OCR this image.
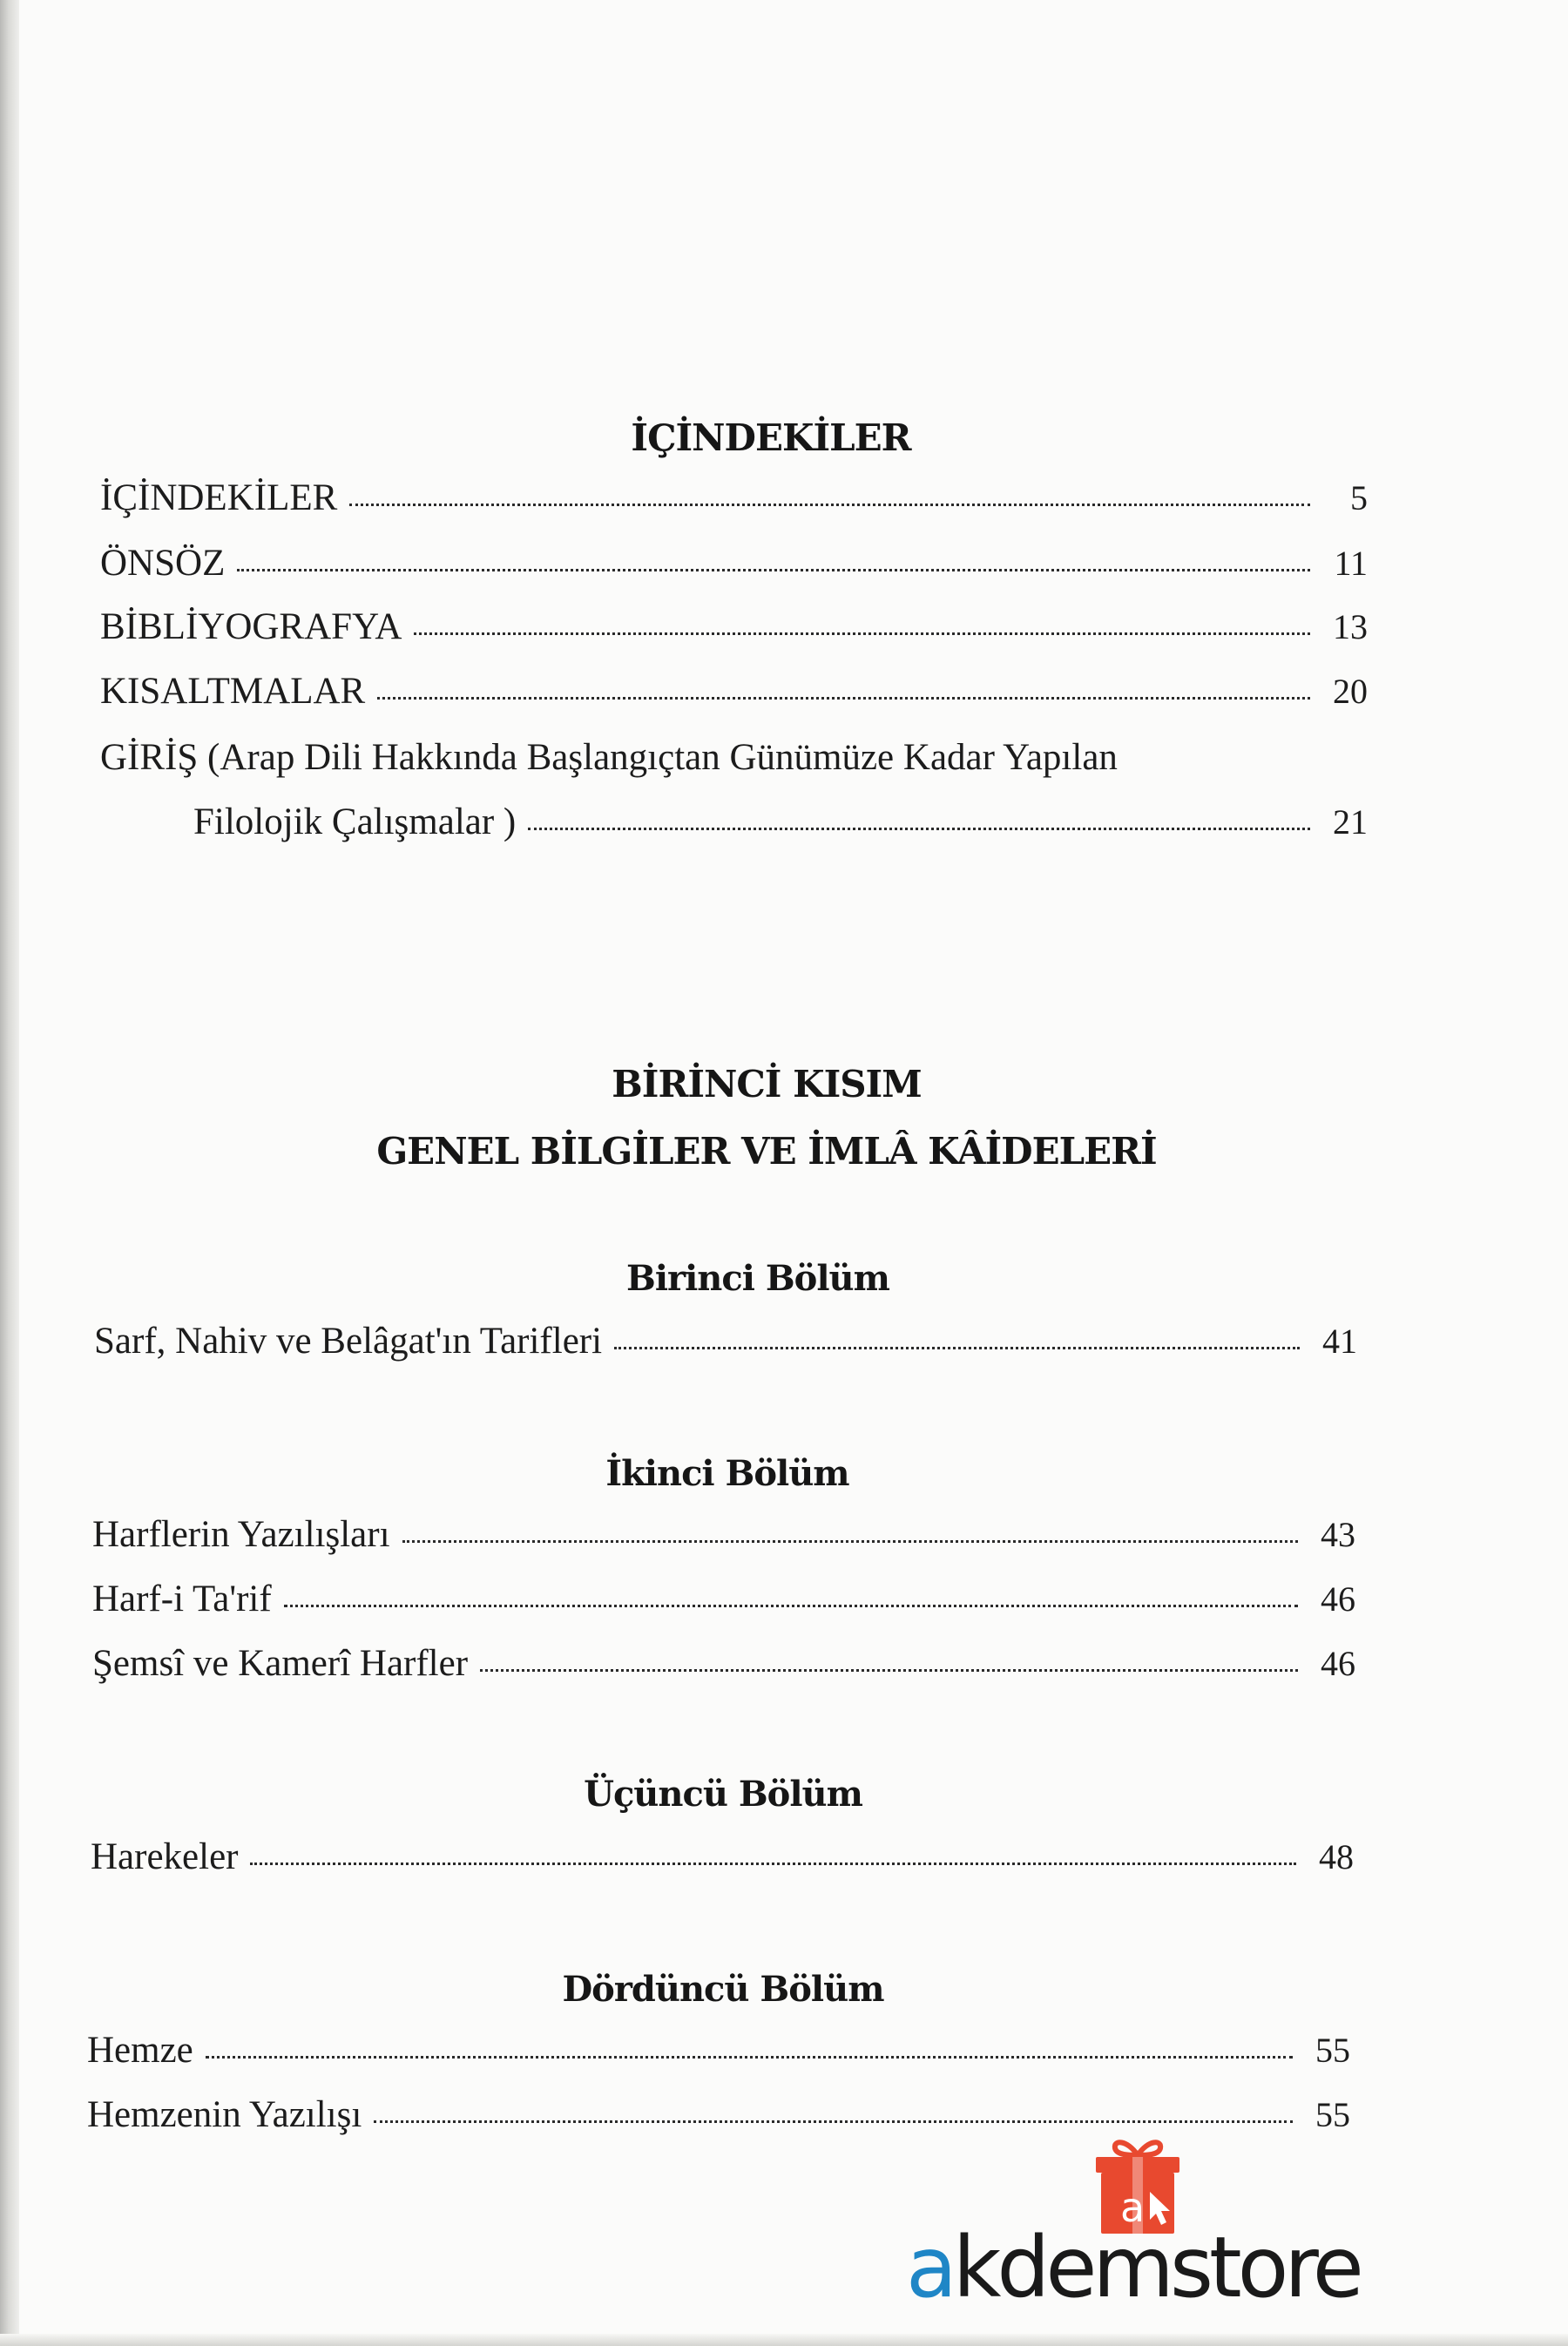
İÇİNDEKİLER
İÇİNDEKİLER	5
ÖNSÖZ	11
BİBLİYOGRAFYA	13
KISALTMALAR	20
GİRİŞ (Arap Dili Hakkında Başlangıçtan Günümüze Kadar Yapılan
Filolojik Çalışmalar )	21
BİRİNCİ KISIM
GENEL BİLGİLER VE İMLÂ KÂİDELERİ
Birinci Bölüm
Sarf, Nahiv ve Belâgat'ın Tarifleri	41
İkinci Bölüm
Harflerin Yazılışları	43
Harf-i Ta'rif	46
Şemsî ve Kamerî Harfler	46
Üçüncü Bölüm
Harekeler	48
Dördüncü Bölüm
Hemze	55
Hemzenin Yazılışı	55
a
akdemstore
